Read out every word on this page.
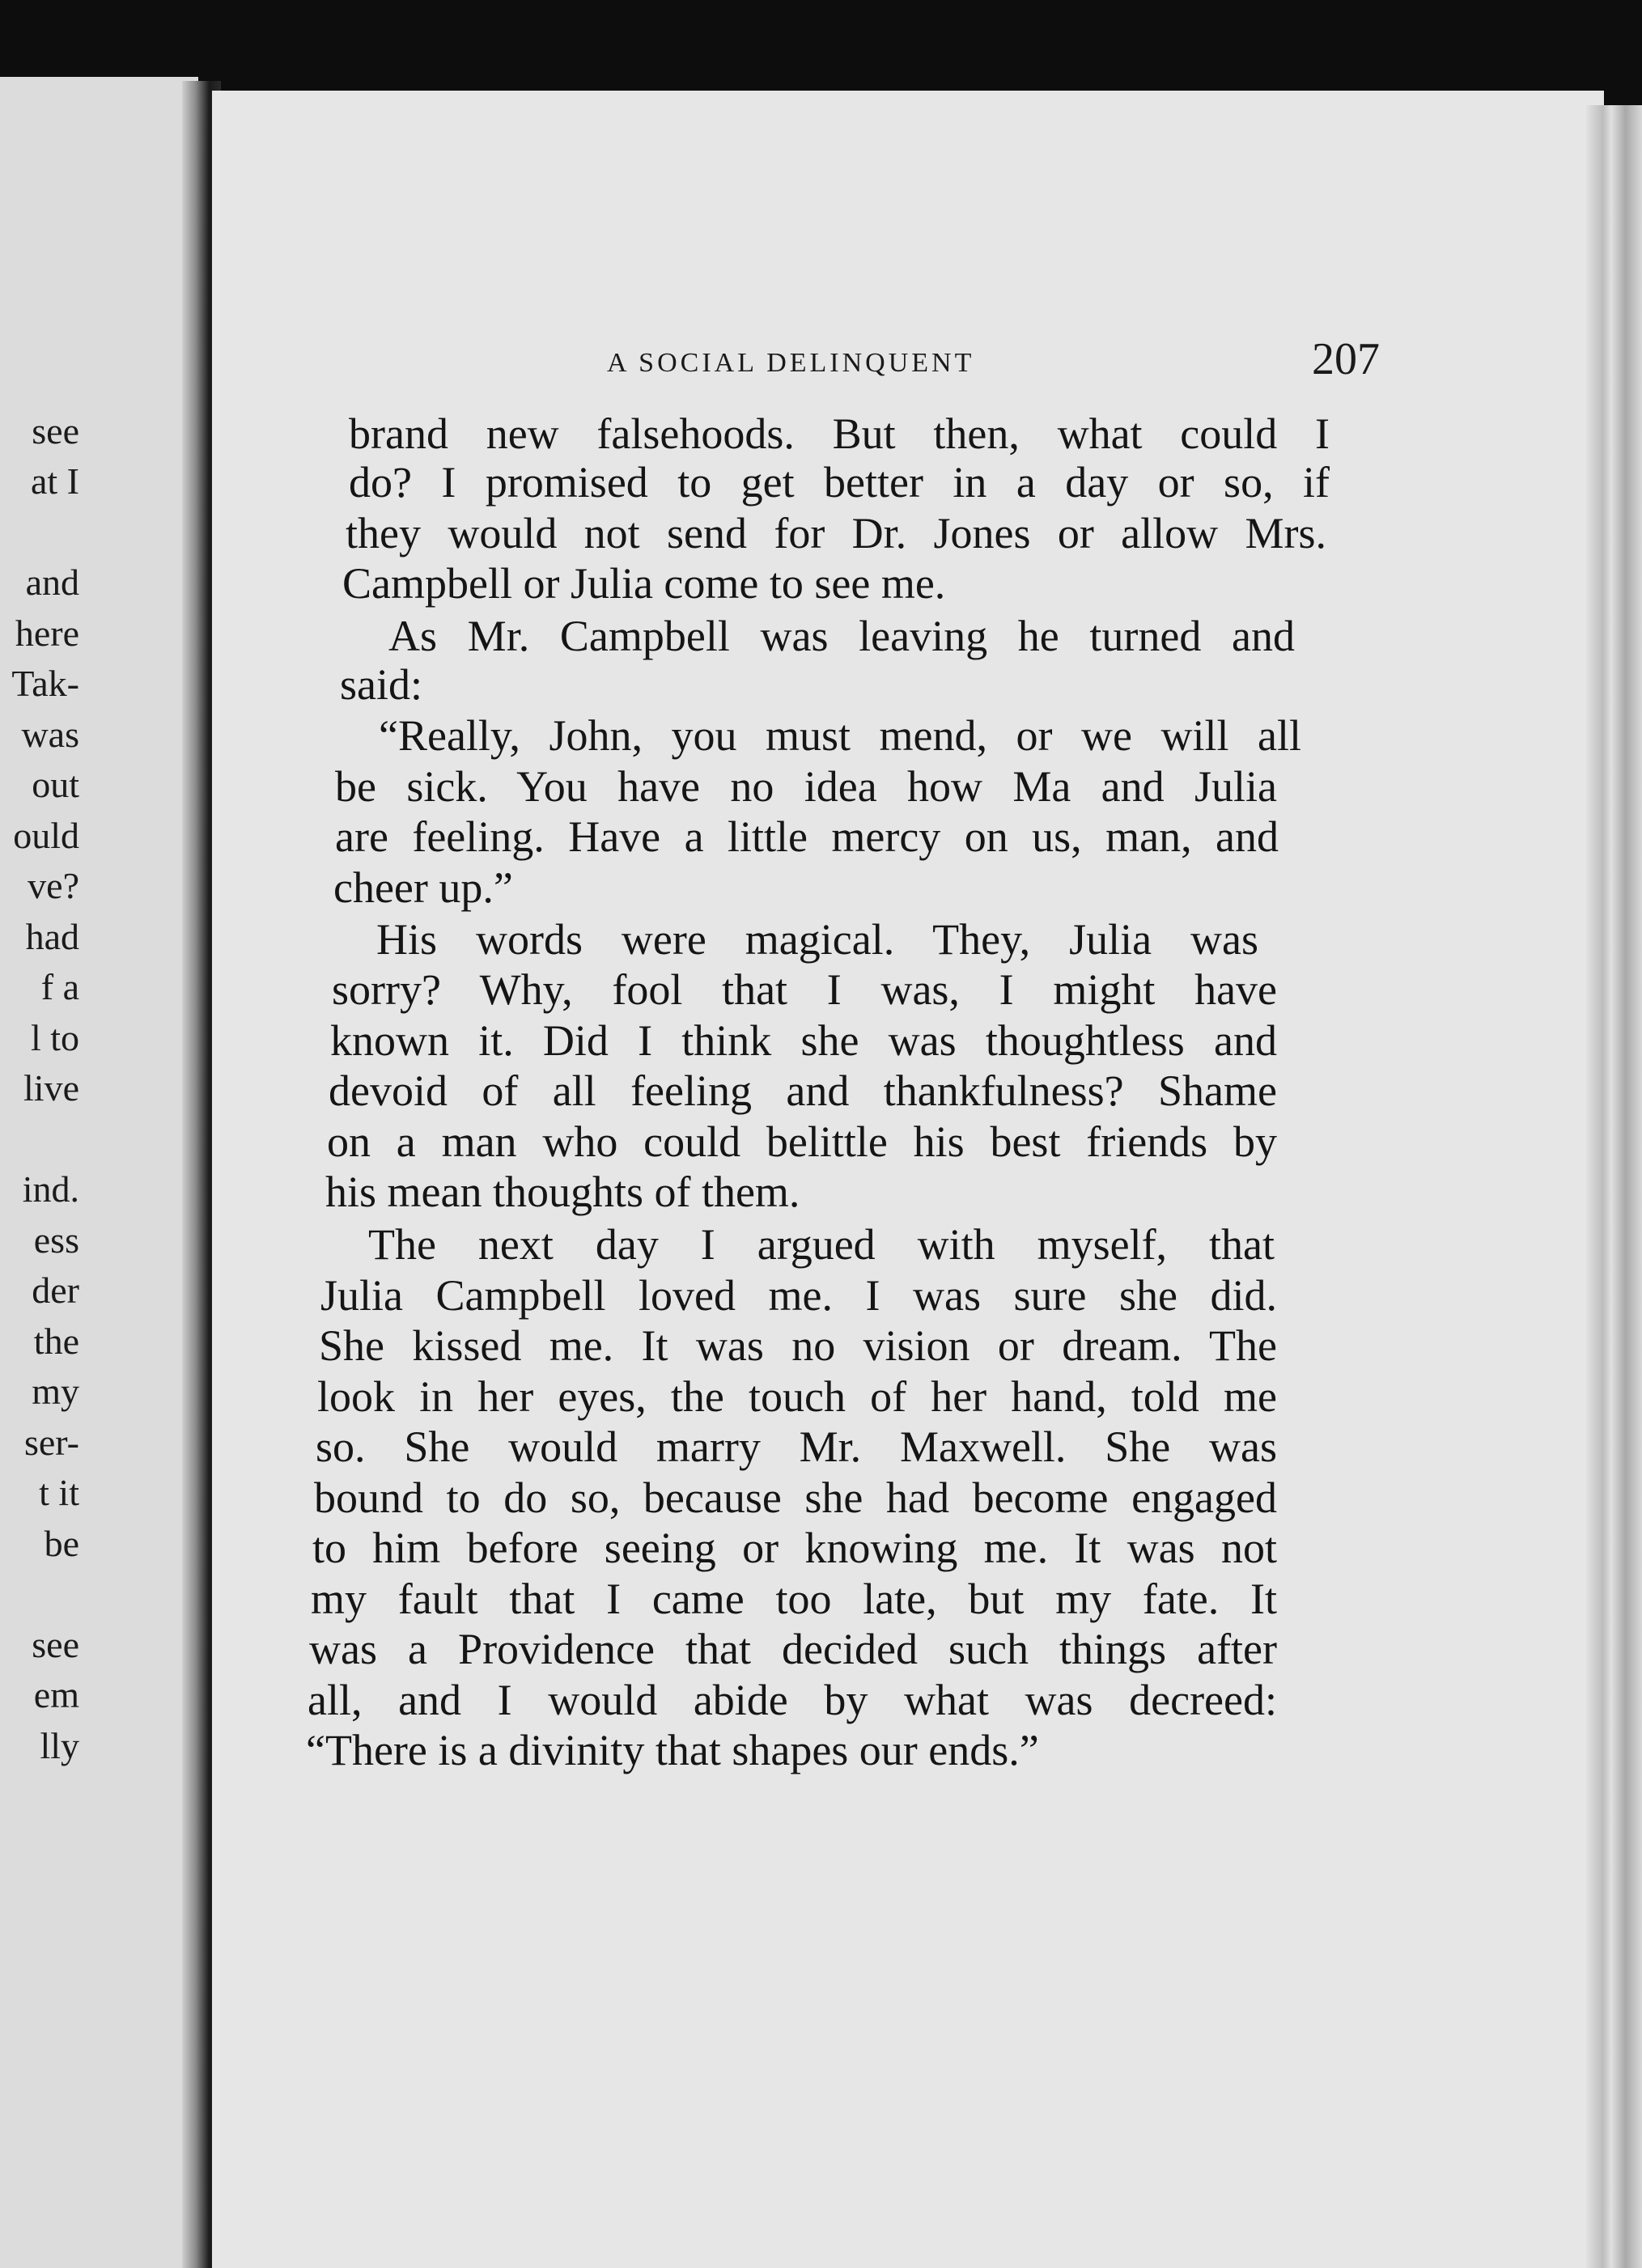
see
at I
and
here
Tak-
was
out
ould
ve?
had
f a
l to
live
ind.
ess
der
the
my
ser-
t it
be
see
em
lly
A SOCIAL DELINQUENT	207
brand new falsehoods. But then, what could I
do? I promised to get better in a day or so, if
they would not send for Dr. Jones or allow Mrs.
Campbell or Julia come to see me.
As Mr. Campbell was leaving he turned and
said:
“Really, John, you must mend, or we will all
be sick. You have no idea how Ma and Julia
are feeling. Have a little mercy on us, man, and
cheer up.”
His words were magical. They, Julia was
sorry? Why, fool that I was, I might have
known it. Did I think she was thoughtless and
devoid of all feeling and thankfulness? Shame
on a man who could belittle his best friends by
his mean thoughts of them.
The next day I argued with myself, that
Julia Campbell loved me. I was sure she did.
She kissed me. It was no vision or dream. The
look in her eyes, the touch of her hand, told me
so. She would marry Mr. Maxwell. She was
bound to do so, because she had become engaged
to him before seeing or knowing me. It was not
my fault that I came too late, but my fate. It
was a Providence that decided such things after
all, and I would abide by what was decreed:
“There is a divinity that shapes our ends.”
